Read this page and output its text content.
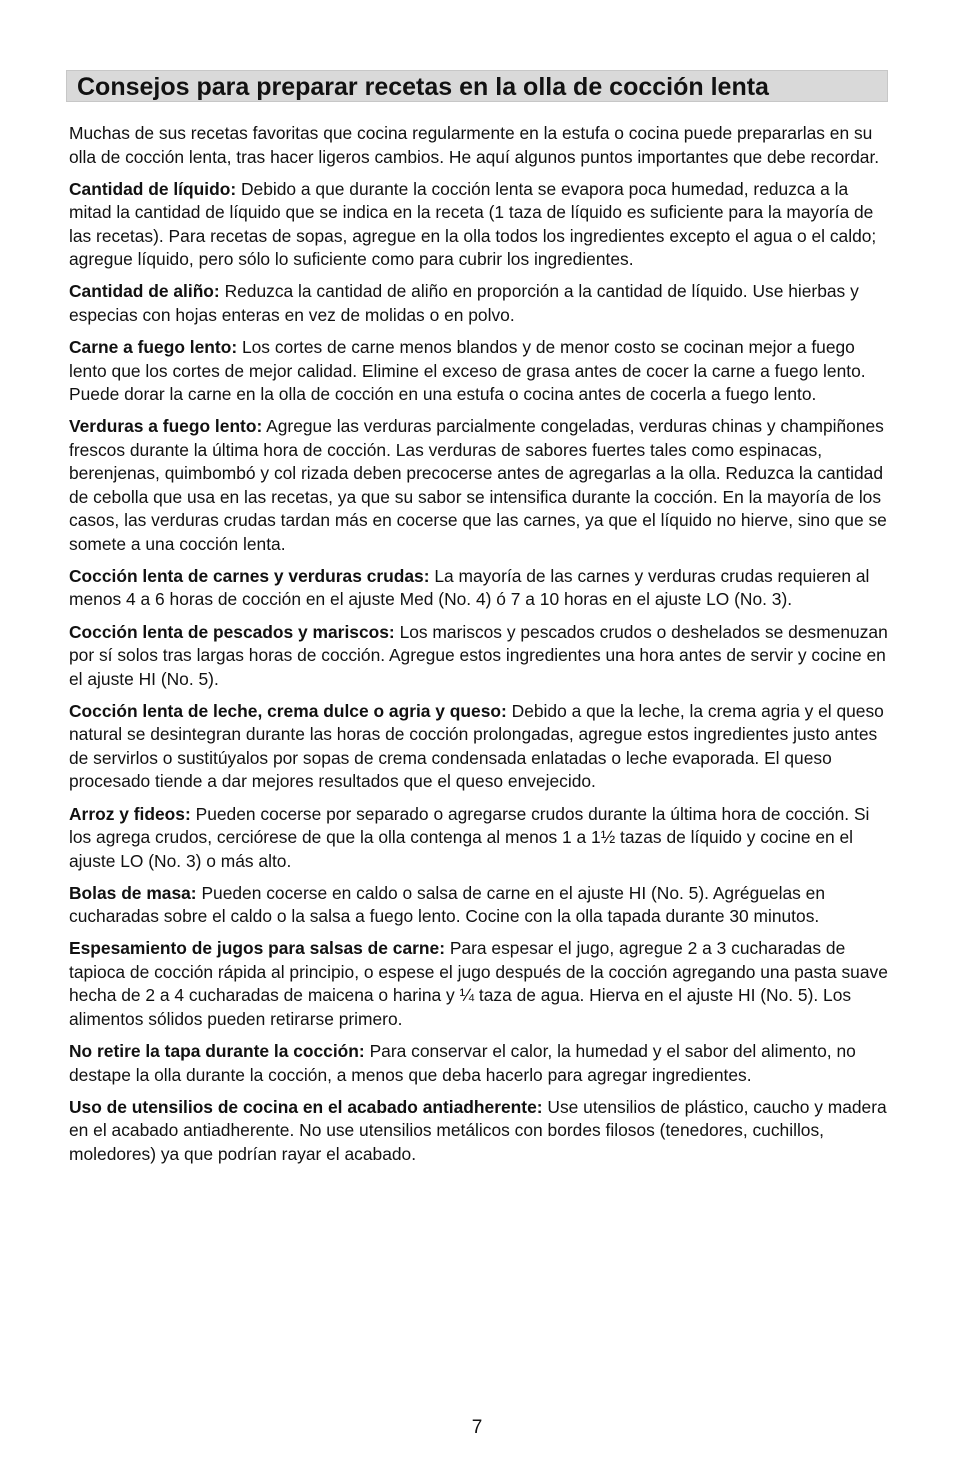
Consejos para preparar recetas en la olla de cocción lenta

Muchas de sus recetas favoritas que cocina regularmente en la estufa o cocina puede prepararlas en su olla de cocción lenta, tras hacer ligeros cambios. He aquí algunos puntos importantes que debe recordar.

Cantidad de líquido: Debido a que durante la cocción lenta se evapora poca humedad, reduzca a la mitad la cantidad de líquido que se indica en la receta (1 taza de líquido es suficiente para la mayoría de las recetas). Para recetas de sopas, agregue en la olla todos los ingredientes excepto el agua o el caldo; agregue líquido, pero sólo lo suficiente como para cubrir los ingredientes.

Cantidad de aliño: Reduzca la cantidad de aliño en proporción a la cantidad de líquido. Use hierbas y especias con hojas enteras en vez de molidas o en polvo.

Carne a fuego lento: Los cortes de carne menos blandos y de menor costo se cocinan mejor a fuego lento que los cortes de mejor calidad. Elimine el exceso de grasa antes de cocer la carne a fuego lento. Puede dorar la carne en la olla de cocción en una estufa o cocina antes de cocerla a fuego lento.

Verduras a fuego lento: Agregue las verduras parcialmente congeladas, verduras chinas y champiñones frescos durante la última hora de cocción. Las verduras de sabores fuertes tales como espinacas, berenjenas, quimbombó y col rizada deben precocerse antes de agregarlas a la olla. Reduzca la cantidad de cebolla que usa en las recetas, ya que su sabor se intensifica durante la cocción. En la mayoría de los casos, las verduras crudas tardan más en cocerse que las carnes, ya que el líquido no hierve, sino que se somete a una cocción lenta.

Cocción lenta de carnes y verduras crudas: La mayoría de las carnes y verduras crudas requieren al menos 4 a 6 horas de cocción en el ajuste Med (No. 4) ó 7 a 10 horas en el ajuste LO (No. 3).

Cocción lenta de pescados y mariscos: Los mariscos y pescados crudos o deshelados se desmenuzan por sí solos tras largas horas de cocción. Agregue estos ingredientes una hora antes de servir y cocine en el ajuste HI (No. 5).

Cocción lenta de leche, crema dulce o agria y queso: Debido a que la leche, la crema agria y el queso natural se desintegran durante las horas de cocción prolongadas, agregue estos ingredientes justo antes de servirlos o sustitúyalos por sopas de crema condensada enlatadas o leche evaporada. El queso procesado tiende a dar mejores resultados que el queso envejecido.

Arroz y fideos: Pueden cocerse por separado o agregarse crudos durante la última hora de cocción. Si los agrega crudos, cerciórese de que la olla contenga al menos 1 a 1½ tazas de líquido y cocine en el ajuste LO (No. 3) o más alto.

Bolas de masa: Pueden cocerse en caldo o salsa de carne en el ajuste HI (No. 5). Agréguelas en cucharadas sobre el caldo o la salsa a fuego lento. Cocine con la olla tapada durante 30 minutos.

Espesamiento de jugos para salsas de carne: Para espesar el jugo, agregue 2 a 3 cucharadas de tapioca de cocción rápida al principio, o espese el jugo después de la cocción agregando una pasta suave hecha de 2 a 4 cucharadas de maicena o harina y ¼ taza de agua. Hierva en el ajuste HI (No. 5). Los alimentos sólidos pueden retirarse primero.

No retire la tapa durante la cocción: Para conservar el calor, la humedad y el sabor del alimento, no destape la olla durante la cocción, a menos que deba hacerlo para agregar ingredientes.

Uso de utensilios de cocina en el acabado antiadherente: Use utensilios de plástico, caucho y madera en el acabado antiadherente. No use utensilios metálicos con bordes filosos (tenedores, cuchillos, moledores) ya que podrían rayar el acabado.

7
